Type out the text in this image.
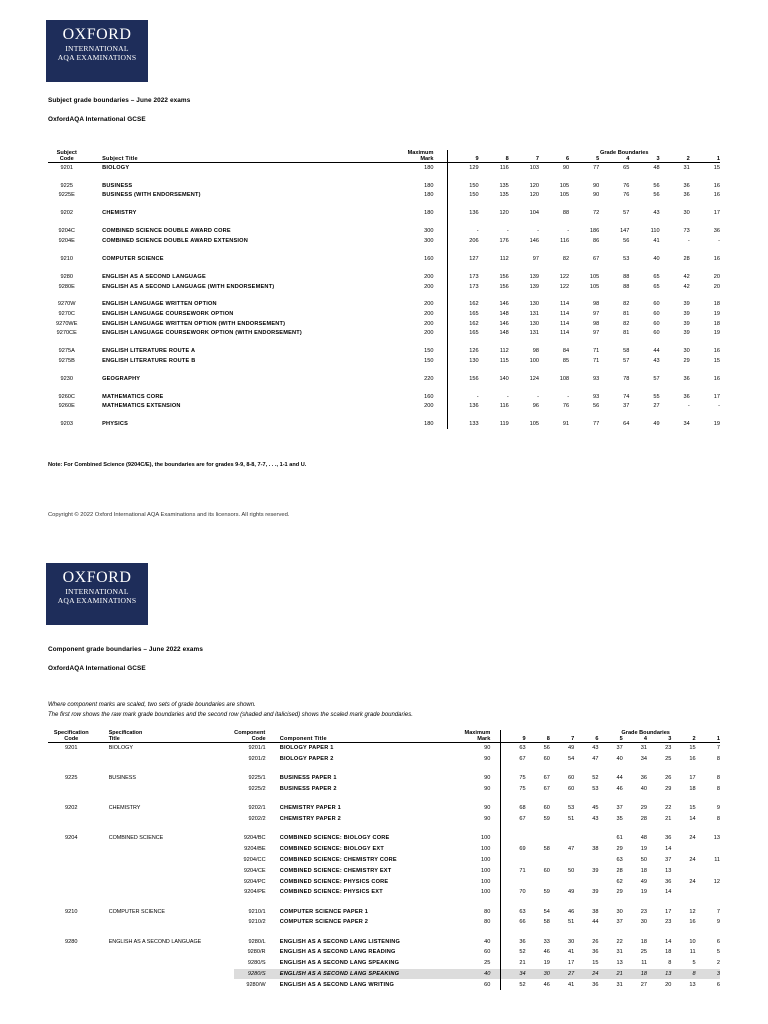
OXFORD
INTERNATIONAL
AQA EXAMINATIONS
Subject grade boundaries – June 2022 exams
OxfordAQA International GCSE
Subject			Maximum		Grade Boundaries								
Code		Subject Title	Mark		9	8	7	6	5	4	3	2	1

9201		BIOLOGY	180		129	116	103	90	77	65	48	31	15

9225		BUSINESS	180		150	135	120	105	90	76	56	36	16
9225E		BUSINESS (WITH ENDORSEMENT)	180		150	135	120	105	90	76	56	36	16

9202		CHEMISTRY	180		136	120	104	88	72	57	43	30	17

9204C		COMBINED SCIENCE DOUBLE AWARD CORE	300		-	-	-	-	186	147	110	73	36
9204E		COMBINED SCIENCE DOUBLE AWARD EXTENSION	300		206	176	146	116	86	56	41	-	-

9210		COMPUTER SCIENCE	160		127	112	97	82	67	53	40	28	16

9280		ENGLISH AS A SECOND LANGUAGE	200		173	156	139	122	105	88	65	42	20
9280E		ENGLISH AS A SECOND LANGUAGE (WITH ENDORSEMENT)	200		173	156	139	122	105	88	65	42	20

9270W		ENGLISH LANGUAGE WRITTEN OPTION	200		162	146	130	114	98	82	60	39	18
9270C		ENGLISH LANGUAGE COURSEWORK OPTION	200		165	148	131	114	97	81	60	39	19
9270WE		ENGLISH LANGUAGE WRITTEN OPTION (WITH ENDORSEMENT)	200		162	146	130	114	98	82	60	39	18
9270CE		ENGLISH LANGUAGE COURSEWORK OPTION (WITH ENDORSEMENT)	200		165	148	131	114	97	81	60	39	19

9275A		ENGLISH LITERATURE ROUTE A	150		126	112	98	84	71	58	44	30	16
9275B		ENGLISH LITERATURE ROUTE B	150		130	115	100	85	71	57	43	29	15

9230		GEOGRAPHY	220		156	140	124	108	93	78	57	36	16

9260C		MATHEMATICS CORE	160		-	-	-	-	93	74	55	36	17
9260E		MATHEMATICS EXTENSION	200		136	116	96	76	56	37	27	-	-

9203		PHYSICS	180		133	119	105	91	77	64	49	34	19
Note: For Combined Science (9204C/E), the boundaries are for grades 9-9, 8-8, 7-7, . . ., 1-1 and U.
Copyright © 2022 Oxford International AQA Examinations and its licensors. All rights reserved.
OXFORD
INTERNATIONAL
AQA EXAMINATIONS
Component grade boundaries – June 2022 exams
OxfordAQA International GCSE
Where component marks are scaled, two sets of grade boundaries are shown.
The first row shows the raw mark grade boundaries and the second row (shaded and italicised) shows the scaled mark grade boundaries.
Specification		Specification	Component			Maximum		Grade Boundaries								
Code		Title	Code		Component Title	Mark		9	8	7	6	5	4	3	2	1

9201		BIOLOGY	9201/1		BIOLOGY PAPER 1	90		63	56	49	43	37	31	23	15	7
			9201/2		BIOLOGY PAPER 2	90		67	60	54	47	40	34	25	16	8

9225		BUSINESS	9225/1		BUSINESS PAPER 1	90		75	67	60	52	44	36	26	17	8
			9225/2		BUSINESS PAPER 2	90		75	67	60	53	46	40	29	18	8

9202		CHEMISTRY	9202/1		CHEMISTRY PAPER 1	90		68	60	53	45	37	29	22	15	9
			9202/2		CHEMISTRY PAPER 2	90		67	59	51	43	35	28	21	14	8

9204		COMBINED SCIENCE	9204/BC		COMBINED SCIENCE: BIOLOGY CORE	100						61	48	36	24	13
			9204/BE		COMBINED SCIENCE: BIOLOGY EXT	100		69	58	47	38	29	19	14		
			9204/CC		COMBINED SCIENCE: CHEMISTRY CORE	100						63	50	37	24	11
			9204/CE		COMBINED SCIENCE: CHEMISTRY EXT	100		71	60	50	39	28	18	13		
			9204/PC		COMBINED SCIENCE: PHYSICS CORE	100						62	49	36	24	12
			9204/PE		COMBINED SCIENCE: PHYSICS EXT	100		70	59	49	39	29	19	14		

9210		COMPUTER SCIENCE	9210/1		COMPUTER SCIENCE PAPER 1	80		63	54	46	38	30	23	17	12	7
			9210/2		COMPUTER SCIENCE PAPER 2	80		66	58	51	44	37	30	23	16	9

9280		ENGLISH AS A SECOND LANGUAGE	9280/L		ENGLISH AS A SECOND LANG LISTENING	40		36	33	30	26	22	18	14	10	6
			9280/R		ENGLISH AS A SECOND LANG READING	60		52	46	41	36	31	25	18	11	5
			9280/S		ENGLISH AS A SECOND LANG SPEAKING	25		21	19	17	15	13	11	8	5	2
			9280/S		ENGLISH AS A SECOND LANG SPEAKING	40		34	30	27	24	21	18	13	8	3
			9280/W		ENGLISH AS A SECOND LANG WRITING	60		52	46	41	36	31	27	20	13	6
